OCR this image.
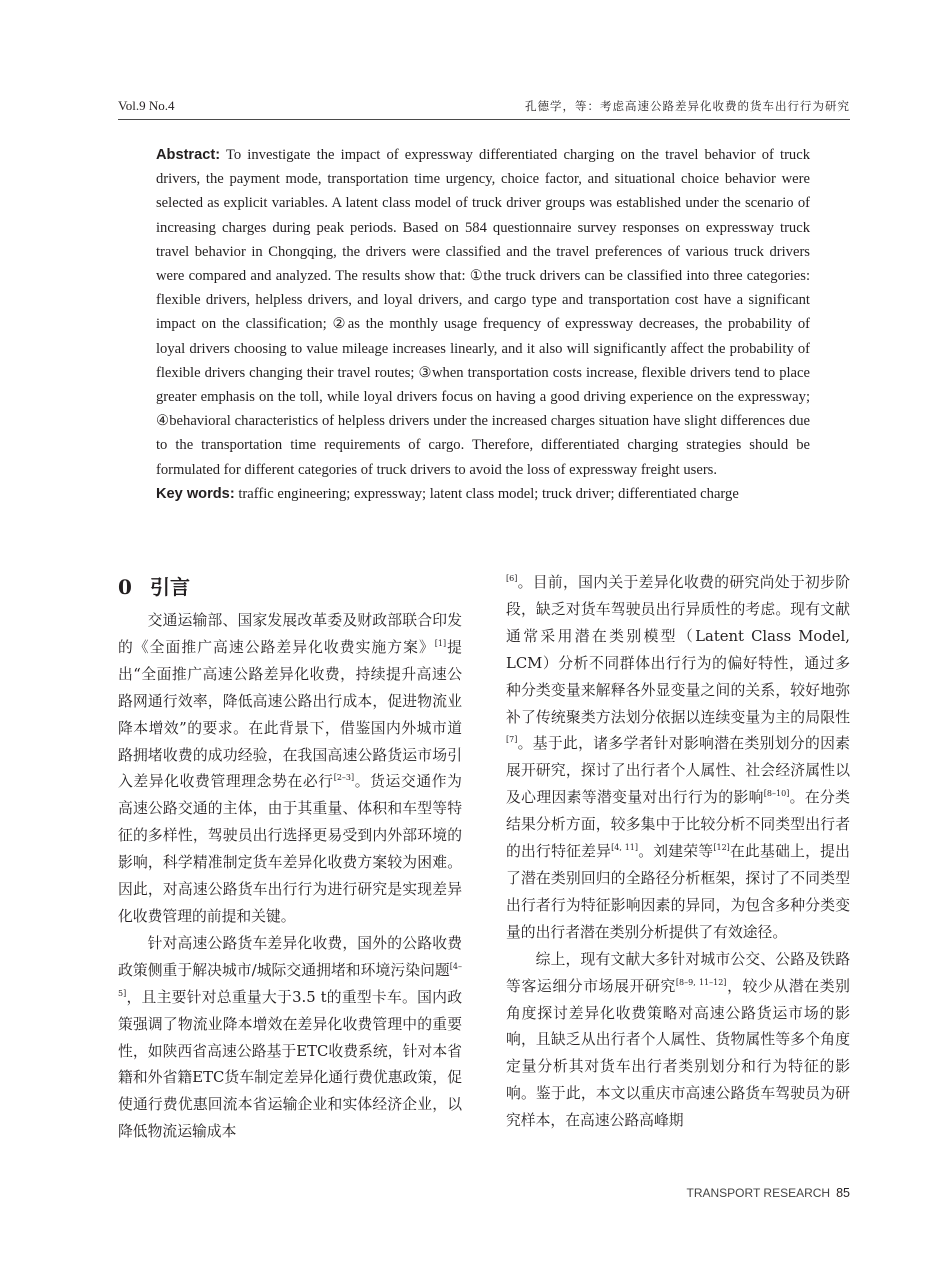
Vol.9 No.4	孔德学，等：考虑高速公路差异化收费的货车出行行为研究

Abstract: To investigate the impact of expressway differentiated charging on the travel behavior of truck drivers, the payment mode, transportation time urgency, choice factor, and situational choice behavior were selected as explicit variables. A latent class model of truck driver groups was established under the scenario of increasing charges during peak periods. Based on 584 questionnaire survey responses on expressway truck travel behavior in Chongqing, the drivers were classified and the travel preferences of various truck drivers were compared and analyzed. The results show that: ①the truck drivers can be classified into three categories: flexible drivers, helpless drivers, and loyal drivers, and cargo type and transportation cost have a significant impact on the classification; ②as the monthly usage frequency of expressway decreases, the probability of loyal drivers choosing to value mileage increases linearly, and it also will significantly affect the probability of flexible drivers changing their travel routes; ③when transportation costs increase, flexible drivers tend to place greater emphasis on the toll, while loyal drivers focus on having a good driving experience on the expressway; ④behavioral characteristics of helpless drivers under the increased charges situation have slight differences due to the transportation time requirements of cargo. Therefore, differentiated charging strategies should be formulated for different categories of truck drivers to avoid the loss of expressway freight users.

Key words: traffic engineering; expressway; latent class model; truck driver; differentiated charge

0 引言

交通运输部、国家发展改革委及财政部联合印发的《全面推广高速公路差异化收费实施方案》[1]提出“全面推广高速公路差异化收费，持续提升高速公路网通行效率，降低高速公路出行成本，促进物流业降本增效”的要求。在此背景下，借鉴国内外城市道路拥堵收费的成功经验，在我国高速公路货运市场引入差异化收费管理理念势在必行[2–3]。货运交通作为高速公路交通的主体，由于其重量、体积和车型等特征的多样性，驾驶员出行选择更易受到内外部环境的影响，科学精准制定货车差异化收费方案较为困难。因此，对高速公路货车出行行为进行研究是实现差异化收费管理的前提和关键。

针对高速公路货车差异化收费，国外的公路收费政策侧重于解决城市/城际交通拥堵和环境污染问题[4–5]，且主要针对总重量大于3.5 t的重型卡车。国内政策强调了物流业降本增效在差异化收费管理中的重要性，如陕西省高速公路基于ETC收费系统，针对本省籍和外省籍ETC货车制定差异化通行费优惠政策，促使通行费优惠回流本省运输企业和实体经济企业，以降低物流运输成本

[6]。目前，国内关于差异化收费的研究尚处于初步阶段，缺乏对货车驾驶员出行异质性的考虑。现有文献通常采用潜在类别模型（Latent Class Model, LCM）分析不同群体出行行为的偏好特性，通过多种分类变量来解释各外显变量之间的关系，较好地弥补了传统聚类方法划分依据以连续变量为主的局限性[7]。基于此，诸多学者针对影响潜在类别划分的因素展开研究，探讨了出行者个人属性、社会经济属性以及心理因素等潜变量对出行行为的影响[8–10]。在分类结果分析方面，较多集中于比较分析不同类型出行者的出行特征差异[4, 11]。刘建荣等[12]在此基础上，提出了潜在类别回归的全路径分析框架，探讨了不同类型出行者行为特征影响因素的异同，为包含多种分类变量的出行者潜在类别分析提供了有效途径。

综上，现有文献大多针对城市公交、公路及铁路等客运细分市场展开研究[8–9, 11–12]，较少从潜在类别角度探讨差异化收费策略对高速公路货运市场的影响，且缺乏从出行者个人属性、货物属性等多个角度定量分析其对货车出行者类别划分和行为特征的影响。鉴于此，本文以重庆市高速公路货车驾驶员为研究样本，在高速公路高峰期

TRANSPORT RESEARCH 85
